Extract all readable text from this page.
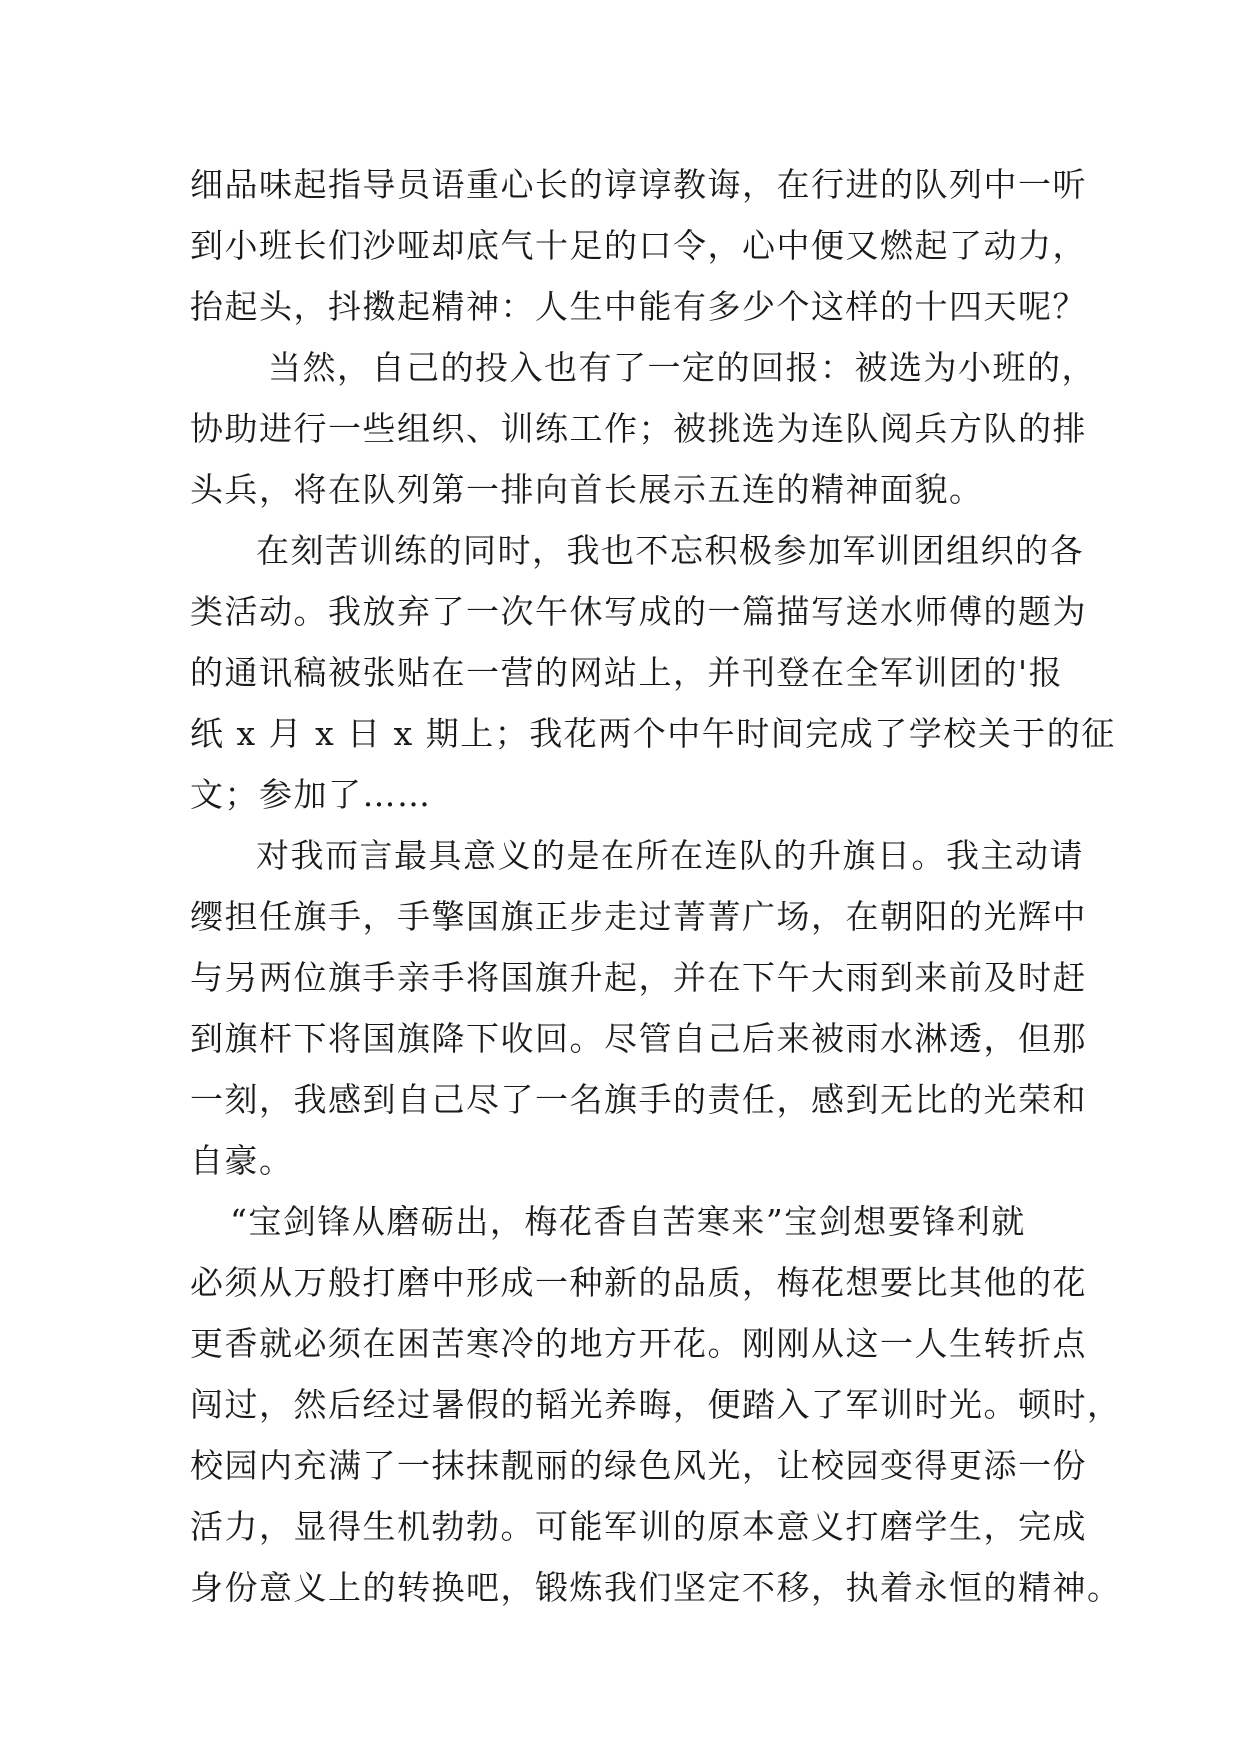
细品味起指导员语重心长的谆谆教诲，在行进的队列中一听
到小班长们沙哑却底气十足的口令，心中便又燃起了动力，
抬起头，抖擞起精神：人生中能有多少个这样的十四天呢？
当然，自己的投入也有了一定的回报：被选为小班的，
协助进行一些组织、训练工作；被挑选为连队阅兵方队的排
头兵，将在队列第一排向首长展示五连的精神面貌。
在刻苦训练的同时，我也不忘积极参加军训团组织的各
类活动。我放弃了一次午休写成的一篇描写送水师傅的题为
的通讯稿被张贴在一营的网站上，并刊登在全军训团的'报
纸 x 月 x 日 x 期上；我花两个中午时间完成了学校关于的征
文；参加了……
对我而言最具意义的是在所在连队的升旗日。我主动请
缨担任旗手，手擎国旗正步走过菁菁广场，在朝阳的光辉中
与另两位旗手亲手将国旗升起，并在下午大雨到来前及时赶
到旗杆下将国旗降下收回。尽管自己后来被雨水淋透，但那
一刻，我感到自己尽了一名旗手的责任，感到无比的光荣和
自豪。
“宝剑锋从磨砺出，梅花香自苦寒来”宝剑想要锋利就
必须从万般打磨中形成一种新的品质，梅花想要比其他的花
更香就必须在困苦寒冷的地方开花。刚刚从这一人生转折点
闯过，然后经过暑假的韬光养晦，便踏入了军训时光。顿时，
校园内充满了一抹抹靓丽的绿色风光，让校园变得更添一份
活力，显得生机勃勃。可能军训的原本意义打磨学生，完成
身份意义上的转换吧，锻炼我们坚定不移，执着永恒的精神。
